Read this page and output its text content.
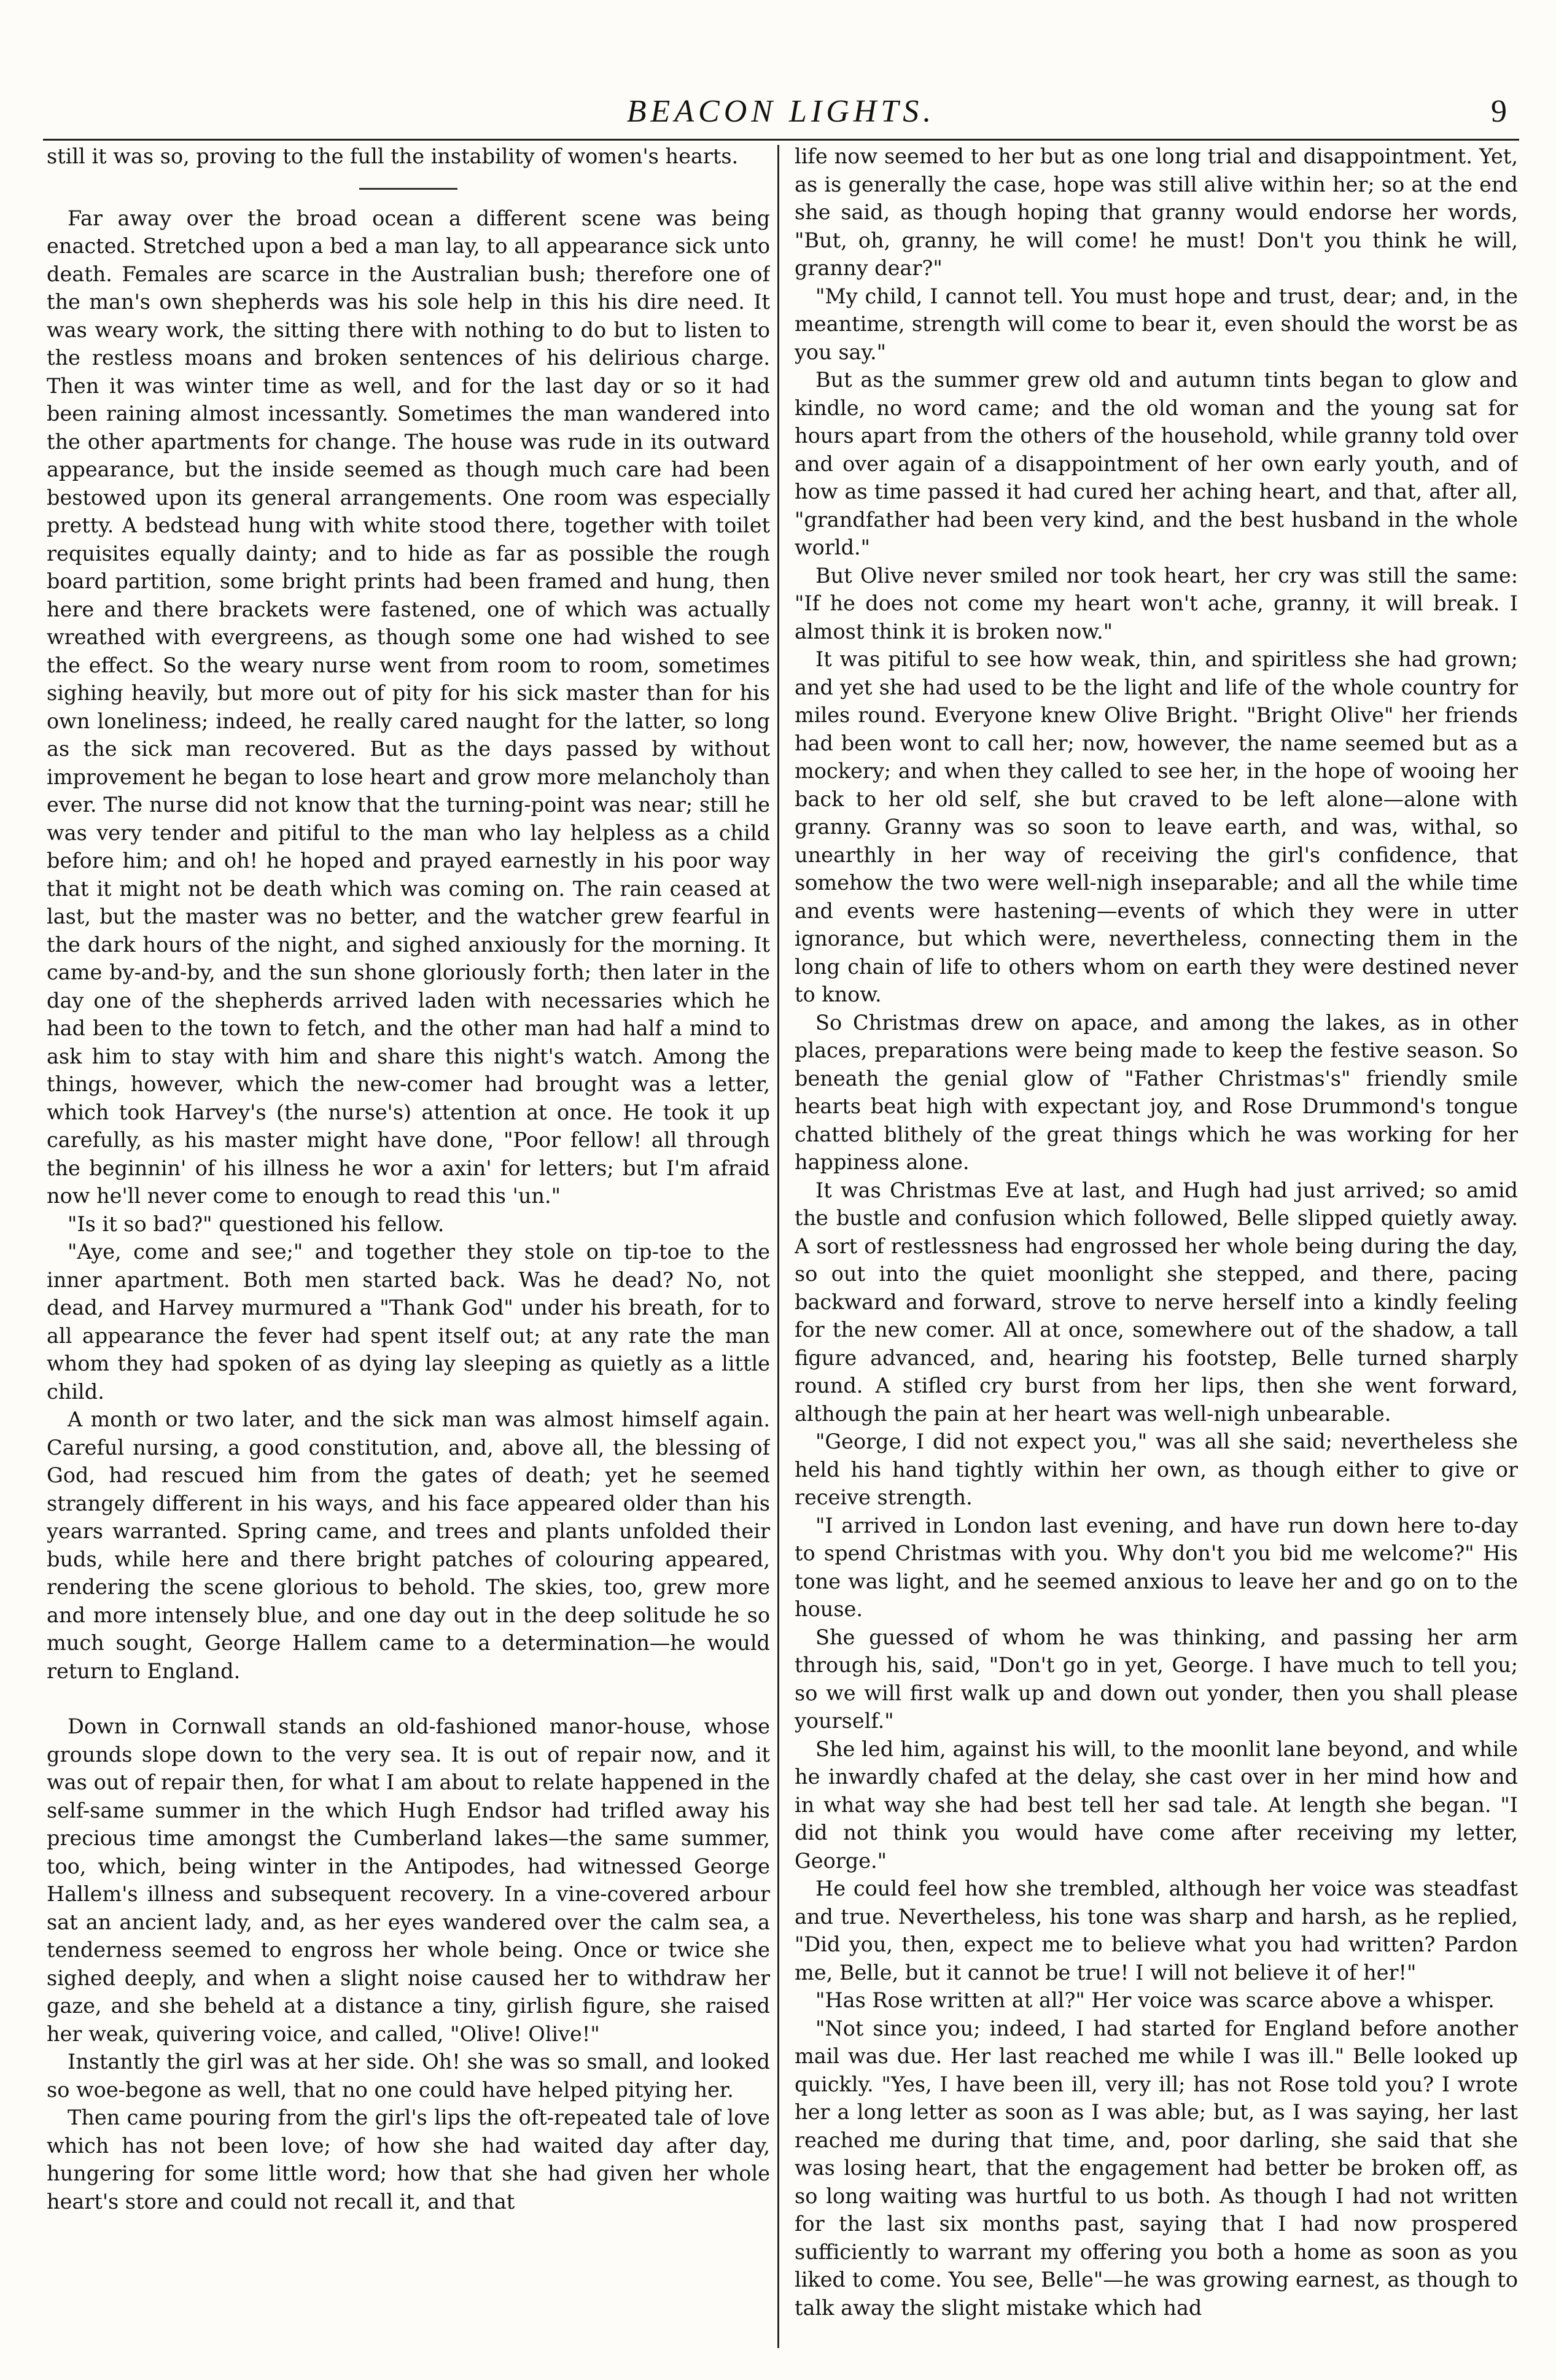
BEACON LIGHTS.	9

still it was so, proving to the full the instability of women's hearts.

Far away over the broad ocean a different scene was being enacted. Stretched upon a bed a man lay, to all appearance sick unto death. Females are scarce in the Australian bush; therefore one of the man's own shepherds was his sole help in this his dire need. It was weary work, the sitting there with nothing to do but to listen to the restless moans and broken sentences of his delirious charge. Then it was winter time as well, and for the last day or so it had been raining almost incessantly. Sometimes the man wandered into the other apartments for change. The house was rude in its outward appearance, but the inside seemed as though much care had been bestowed upon its general arrangements. One room was especially pretty. A bedstead hung with white stood there, together with toilet requisites equally dainty; and to hide as far as possible the rough board partition, some bright prints had been framed and hung, then here and there brackets were fastened, one of which was actually wreathed with evergreens, as though some one had wished to see the effect. So the weary nurse went from room to room, sometimes sighing heavily, but more out of pity for his sick master than for his own loneliness; indeed, he really cared naught for the latter, so long as the sick man recovered. But as the days passed by without improvement he began to lose heart and grow more melancholy than ever. The nurse did not know that the turning-point was near; still he was very tender and pitiful to the man who lay helpless as a child before him; and oh! he hoped and prayed earnestly in his poor way that it might not be death which was coming on. The rain ceased at last, but the master was no better, and the watcher grew fearful in the dark hours of the night, and sighed anxiously for the morning. It came by-and-by, and the sun shone gloriously forth; then later in the day one of the shepherds arrived laden with necessaries which he had been to the town to fetch, and the other man had half a mind to ask him to stay with him and share this night's watch. Among the things, however, which the new-comer had brought was a letter, which took Harvey's (the nurse's) attention at once. He took it up carefully, as his master might have done, "Poor fellow! all through the beginnin' of his illness he wor a axin' for letters; but I'm afraid now he'll never come to enough to read this 'un."

"Is it so bad?" questioned his fellow.

"Aye, come and see;" and together they stole on tip-toe to the inner apartment. Both men started back. Was he dead? No, not dead, and Harvey murmured a "Thank God" under his breath, for to all appearance the fever had spent itself out; at any rate the man whom they had spoken of as dying lay sleeping as quietly as a little child.

A month or two later, and the sick man was almost himself again. Careful nursing, a good constitution, and, above all, the blessing of God, had rescued him from the gates of death; yet he seemed strangely different in his ways, and his face appeared older than his years warranted. Spring came, and trees and plants unfolded their buds, while here and there bright patches of colouring appeared, rendering the scene glorious to behold. The skies, too, grew more and more intensely blue, and one day out in the deep solitude he so much sought, George Hallem came to a determination—he would return to England.

Down in Cornwall stands an old-fashioned manor-house, whose grounds slope down to the very sea. It is out of repair now, and it was out of repair then, for what I am about to relate happened in the self-same summer in the which Hugh Endsor had trifled away his precious time amongst the Cumberland lakes—the same summer, too, which, being winter in the Antipodes, had witnessed George Hallem's illness and subsequent recovery. In a vine-covered arbour sat an ancient lady, and, as her eyes wandered over the calm sea, a tenderness seemed to engross her whole being. Once or twice she sighed deeply, and when a slight noise caused her to withdraw her gaze, and she beheld at a distance a tiny, girlish figure, she raised her weak, quivering voice, and called, "Olive! Olive!"

Instantly the girl was at her side. Oh! she was so small, and looked so woe-begone as well, that no one could have helped pitying her.

Then came pouring from the girl's lips the oft-repeated tale of love which has not been love; of how she had waited day after day, hungering for some little word; how that she had given her whole heart's store and could not recall it, and that

life now seemed to her but as one long trial and disappointment. Yet, as is generally the case, hope was still alive within her; so at the end she said, as though hoping that granny would endorse her words, "But, oh, granny, he will come! he must! Don't you think he will, granny dear?"

"My child, I cannot tell. You must hope and trust, dear; and, in the meantime, strength will come to bear it, even should the worst be as you say."

But as the summer grew old and autumn tints began to glow and kindle, no word came; and the old woman and the young sat for hours apart from the others of the household, while granny told over and over again of a disappointment of her own early youth, and of how as time passed it had cured her aching heart, and that, after all, "grandfather had been very kind, and the best husband in the whole world."

But Olive never smiled nor took heart, her cry was still the same: "If he does not come my heart won't ache, granny, it will break. I almost think it is broken now."

It was pitiful to see how weak, thin, and spiritless she had grown; and yet she had used to be the light and life of the whole country for miles round. Everyone knew Olive Bright. "Bright Olive" her friends had been wont to call her; now, however, the name seemed but as a mockery; and when they called to see her, in the hope of wooing her back to her old self, she but craved to be left alone—alone with granny. Granny was so soon to leave earth, and was, withal, so unearthly in her way of receiving the girl's confidence, that somehow the two were well-nigh inseparable; and all the while time and events were hastening—events of which they were in utter ignorance, but which were, nevertheless, connecting them in the long chain of life to others whom on earth they were destined never to know.

So Christmas drew on apace, and among the lakes, as in other places, preparations were being made to keep the festive season. So beneath the genial glow of "Father Christmas's" friendly smile hearts beat high with expectant joy, and Rose Drummond's tongue chatted blithely of the great things which he was working for her happiness alone.

It was Christmas Eve at last, and Hugh had just arrived; so amid the bustle and confusion which followed, Belle slipped quietly away. A sort of restlessness had engrossed her whole being during the day, so out into the quiet moonlight she stepped, and there, pacing backward and forward, strove to nerve herself into a kindly feeling for the new comer. All at once, somewhere out of the shadow, a tall figure advanced, and, hearing his footstep, Belle turned sharply round. A stifled cry burst from her lips, then she went forward, although the pain at her heart was well-nigh unbearable.

"George, I did not expect you," was all she said; nevertheless she held his hand tightly within her own, as though either to give or receive strength.

"I arrived in London last evening, and have run down here to-day to spend Christmas with you. Why don't you bid me welcome?" His tone was light, and he seemed anxious to leave her and go on to the house.

She guessed of whom he was thinking, and passing her arm through his, said, "Don't go in yet, George. I have much to tell you; so we will first walk up and down out yonder, then you shall please yourself."

She led him, against his will, to the moonlit lane beyond, and while he inwardly chafed at the delay, she cast over in her mind how and in what way she had best tell her sad tale. At length she began. "I did not think you would have come after receiving my letter, George."

He could feel how she trembled, although her voice was steadfast and true. Nevertheless, his tone was sharp and harsh, as he replied, "Did you, then, expect me to believe what you had written? Pardon me, Belle, but it cannot be true! I will not believe it of her!"

"Has Rose written at all?" Her voice was scarce above a whisper.

"Not since you; indeed, I had started for England before another mail was due. Her last reached me while I was ill." Belle looked up quickly. "Yes, I have been ill, very ill; has not Rose told you? I wrote her a long letter as soon as I was able; but, as I was saying, her last reached me during that time, and, poor darling, she said that she was losing heart, that the engagement had better be broken off, as so long waiting was hurtful to us both. As though I had not written for the last six months past, saying that I had now prospered sufficiently to warrant my offering you both a home as soon as you liked to come. You see, Belle"—he was growing earnest, as though to talk away the slight mistake which had
